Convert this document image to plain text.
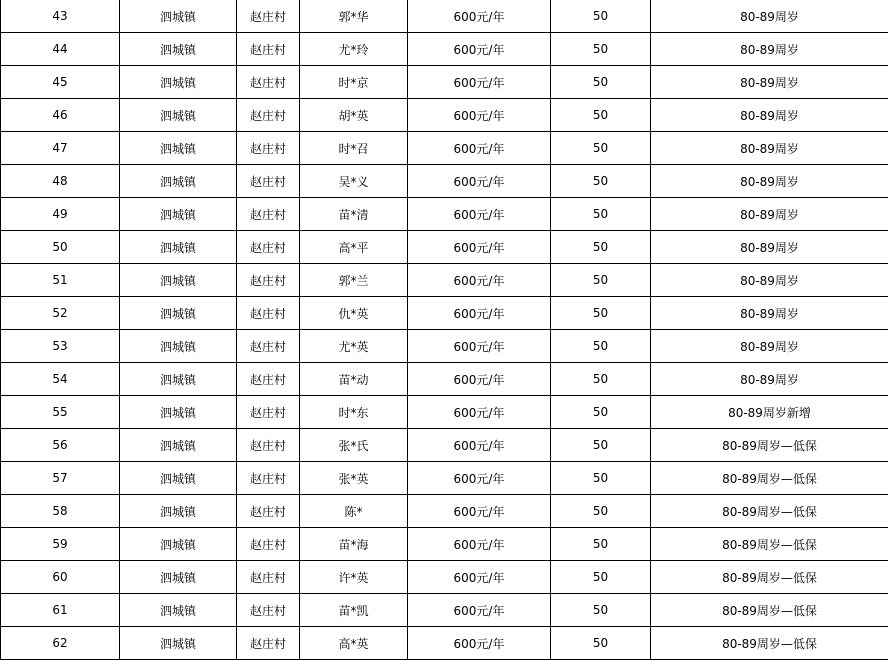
43	泗城镇	赵庄村	郭*华	600元/年	50	80-89周岁
44	泗城镇	赵庄村	尤*玲	600元/年	50	80-89周岁
45	泗城镇	赵庄村	时*京	600元/年	50	80-89周岁
46	泗城镇	赵庄村	胡*英	600元/年	50	80-89周岁
47	泗城镇	赵庄村	时*召	600元/年	50	80-89周岁
48	泗城镇	赵庄村	吴*义	600元/年	50	80-89周岁
49	泗城镇	赵庄村	苗*清	600元/年	50	80-89周岁
50	泗城镇	赵庄村	高*平	600元/年	50	80-89周岁
51	泗城镇	赵庄村	郭*兰	600元/年	50	80-89周岁
52	泗城镇	赵庄村	仇*英	600元/年	50	80-89周岁
53	泗城镇	赵庄村	尤*英	600元/年	50	80-89周岁
54	泗城镇	赵庄村	苗*动	600元/年	50	80-89周岁
55	泗城镇	赵庄村	时*东	600元/年	50	80-89周岁新增
56	泗城镇	赵庄村	张*氏	600元/年	50	80-89周岁—低保
57	泗城镇	赵庄村	张*英	600元/年	50	80-89周岁—低保
58	泗城镇	赵庄村	陈*	600元/年	50	80-89周岁—低保
59	泗城镇	赵庄村	苗*海	600元/年	50	80-89周岁—低保
60	泗城镇	赵庄村	许*英	600元/年	50	80-89周岁—低保
61	泗城镇	赵庄村	苗*凯	600元/年	50	80-89周岁—低保
62	泗城镇	赵庄村	高*英	600元/年	50	80-89周岁—低保
